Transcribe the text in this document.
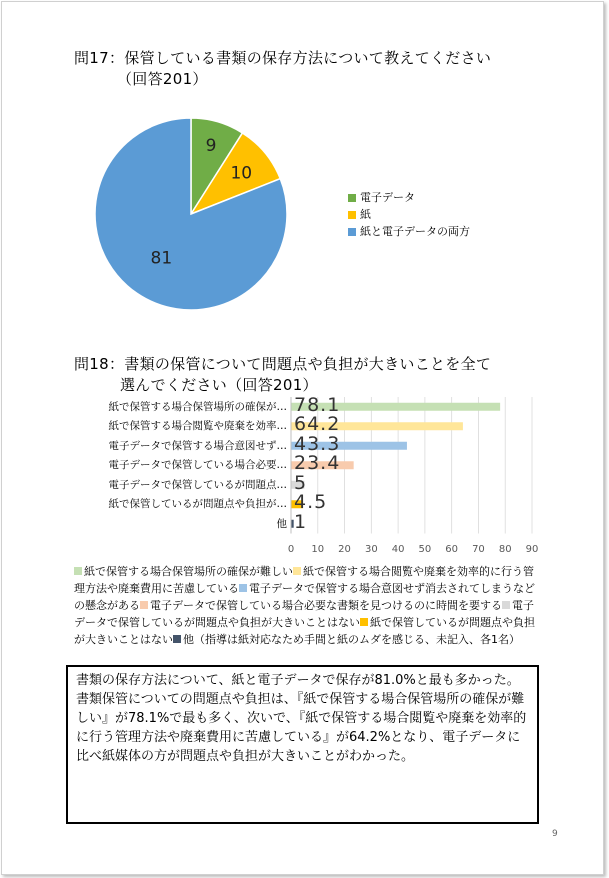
問17：保管している書類の保存方法について教えてください
（回答201）
9
10
81
電子データ
紙
紙と電子データの両方
問18：書類の保管について問題点や負担が大きいことを全て
選んでください（回答201）
紙で保管する場合保管場所の確保が…
紙で保管する場合閲覧や廃棄を効率…
電子データで保管する場合意図せず…
電子データで保管している場合必要…
電子データで保管しているが問題点…
紙で保管しているが問題点や負担が…
他
78.1
64.2
43.3
23.4
5
4.5
1
0	10	20	30	40	50	60	70	80	90
紙で保管する場合保管場所の確保が難しい 紙で保管する場合閲覧や廃棄を効率的に行う管理方法や廃棄費用に苦慮している 電子データで保管する場合意図せず消去されてしまうなどの懸念がある 電子データで保管している場合必要な書類を見つけるのに時間を要する 電子データで保管しているが問題点や負担が大きいことはない 紙で保管しているが問題点や負担が大きいことはない 他（指導は紙対応なため手間と紙のムダを感じる、未記入、各1名）

書類の保存方法について、紙と電子データで保存が81.0%と最も多かった。

書類保管についての問題点や負担は、『紙で保管する場合保管場所の確保が難しい』が78.1%で最も多く、次いで、『紙で保管する場合閲覧や廃棄を効率的に行う管理方法や廃棄費用に苦慮している』が64.2%となり、電子データに比べ紙媒体の方が問題点や負担が大きいことがわかった。

9
